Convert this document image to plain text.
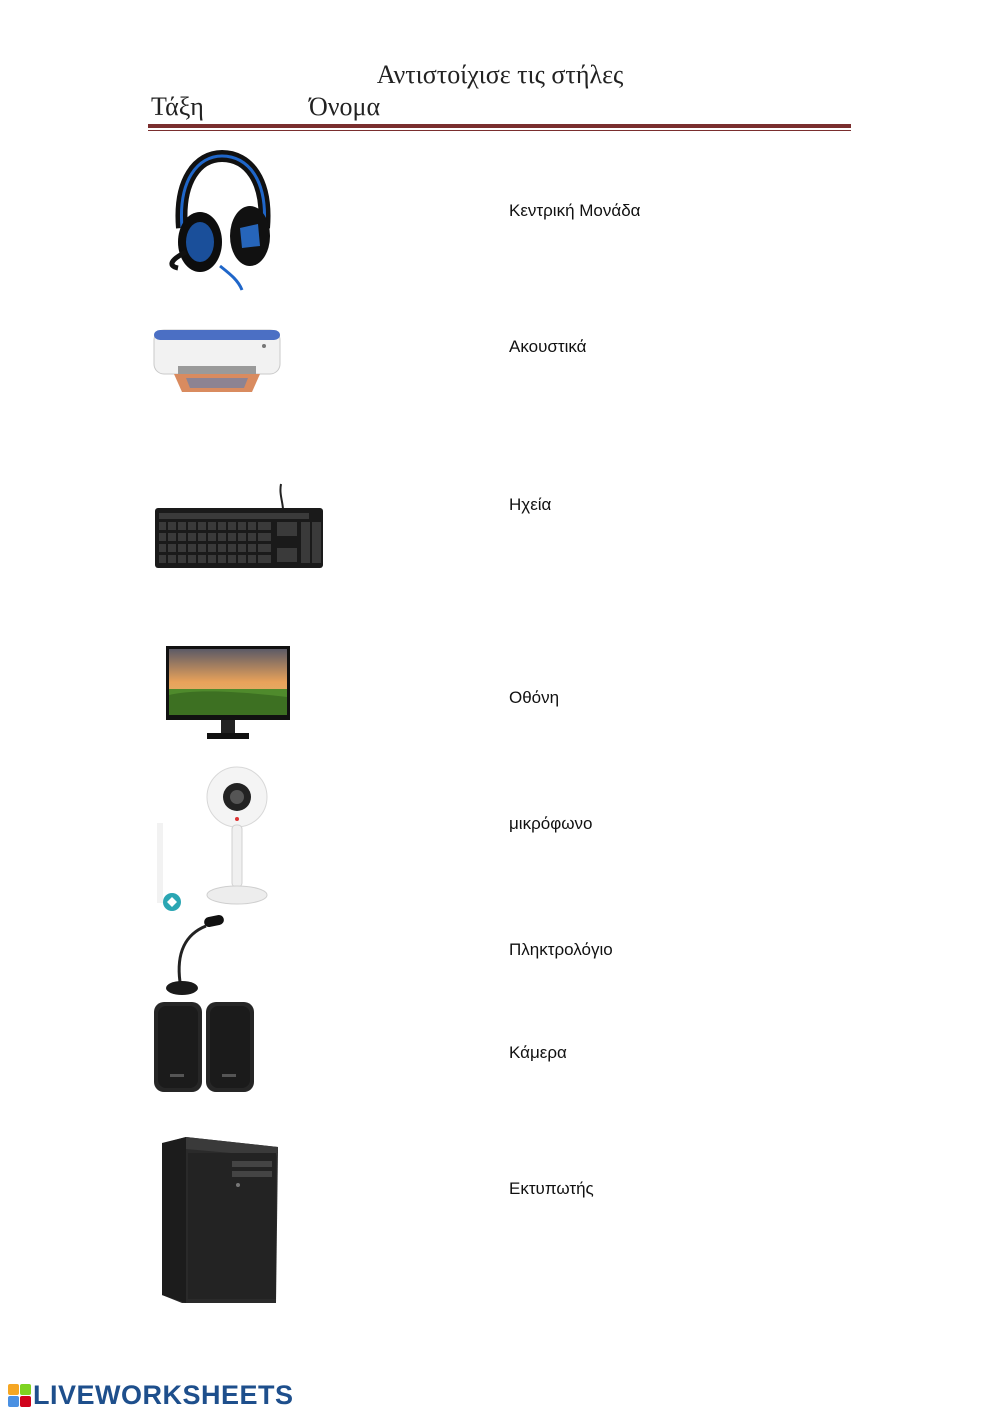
Αντιστοίχισε τις στήλες
Τάξη	Όνομα
Κεντρική Μονάδα
Ακουστικά
Ηχεία
Οθόνη
μικρόφωνο
Πληκτρολόγιο
Κάμερα
Εκτυπωτής
LIVEWORKSHEETS
